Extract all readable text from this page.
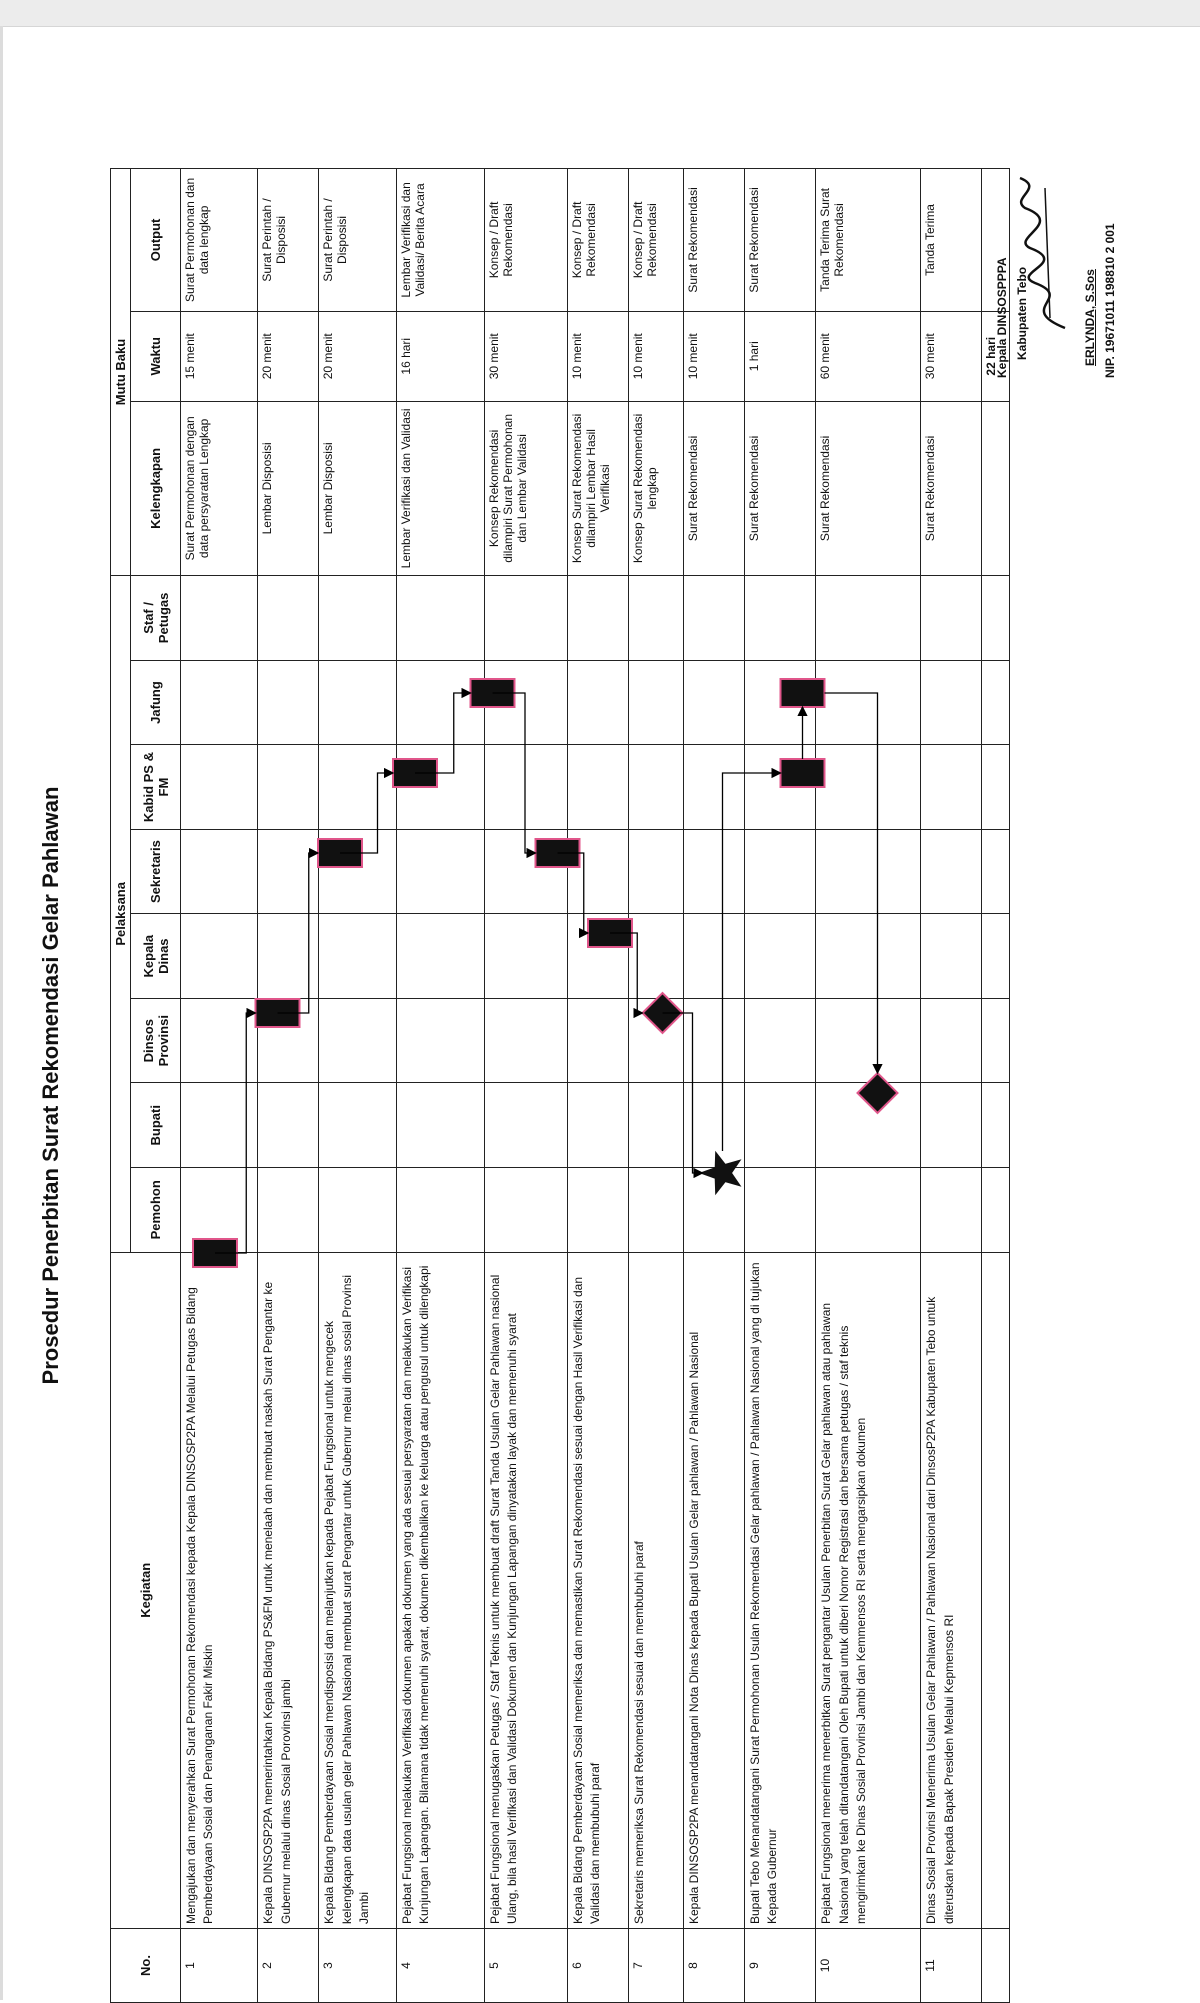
Prosedur Penerbitan Surat Rekomendasi Gelar Pahlawan
No.	Kegiatan	Pelaksana								Mutu Baku		
		Pemohon	Bupati	Dinsos Provinsi	Kepala Dinas	Sekretaris	Kabid PS & FM	Jafung	Staf / Petugas	Kelengkapan	Waktu	Output
1	Mengajukan dan menyerahkan Surat Permohonan Rekomendasi kepada Kepala DINSOSP2PA Melalui Petugas Bidang Pemberdayaan Sosial dan Penanganan Fakir Miskin									Surat Permohonan dengan data persyaratan Lengkap	15 menit	Surat Permohonan dan data lengkap
2	Kepala DINSOSP2PA memerintahkan Kepala Bidang PS&FM untuk menelaah dan membuat naskah Surat Pengantar ke Gubernur melalui dinas Sosial Porovinsi jambi									Lembar Disposisi	20 menit	Surat Perintah / Disposisi
3	Kepala Bidang Pemberdayaan Sosial mendisposisi dan melanjutkan kepada Pejabat Fungsional untuk mengecek kelengkapan data usulan gelar Pahlawan Nasional membuat surat Pengantar untuk Gubernur melaui dinas sosial Provinsi Jambi									Lembar Disposisi	20 menit	Surat Perintah / Disposisi
4	Pejabat Fungsional melakukan Verifikasi dokumen apakah dokumen yang ada sesuai persyaratan dan melakukan Verifikasi Kunjungan Lapangan. Bilamana tidak memenuhi syarat, dokumen dikembalikan ke keluarga atau pengusul untuk dilengkapi									Lembar Verifikasi dan Validasi	16 hari	Lembar Verifikasi dan Validasi/ Berita Acara
5	Pejabat Fungsional menugaskan Petugas / Staf Teknis untuk membuat draft Surat Tanda Usulan Gelar Pahlawan nasional Ulang, bila hasil Verifikasi dan Validasi Dokumen dan Kunjungan Lapangan dinyatakan layak dan memenuhi syarat									Konsep Rekomendasi dilampiri Surat Permohonan dan Lembar Validasi	30 menit	Konsep / Draft Rekomendasi
6	Kepala Bidang Pemberdayaan Sosial memeriksa dan memastikan Surat Rekomendasi sesuai dengan Hasil Verifikasi dan Validasi dan membubuhi paraf									Konsep Surat Rekomendasi dilampiri Lembar Hasil Verifikasi	10 menit	Konsep / Draft Rekomendasi
7	Sekretaris memeriksa Surat Rekomendasi sesuai dan membubuhi paraf									Konsep Surat Rekomendasi lengkap	10 menit	Konsep / Draft Rekomendasi
8	Kepala DINSOSP2PA menandatangani Nota Dinas kepada Bupati Usulan Gelar pahlawan / Pahlawan Nasional									Surat Rekomendasi	10 menit	Surat Rekomendasi
9	Bupati Tebo Menandatangani Surat Permohonan Usulan Rekomendasi Gelar pahlawan / Pahlawan Nasional yang di tujukan Kepada Gubernur									Surat Rekomendasi	1 hari	Surat Rekomendasi
10	Pejabat Fungsional menerima menerbitkan Surat pengantar Usulan Penerbitan Surat Gelar pahlawan atau pahlawan Nasional yang telah ditandatangani Oleh Bupati untuk diberi Nomor Registrasi dan bersama petugas / staf teknis mengirimkan ke Dinas Sosial Provinsi Jambi dan Kemmensos RI serta mengarsipkan dokumen									Surat Rekomendasi	60 menit	Tanda Terima Surat Rekomendasi
11	Dinas Sosial Provinsi Menerima Usulan Gelar Pahlawan / Pahlawan Nasional dari DinsosP2PA Kabupaten Tebo untuk diteruskan kepada Bapak Presiden Melalui Kepmensos RI									Surat Rekomendasi	30 menit	Tanda Terima
											22 hari	
Kepala DINSOSPPPA Kabupaten Tebo	ERLYNDA, S.Sos NIP. 19671011 198810 2 001
